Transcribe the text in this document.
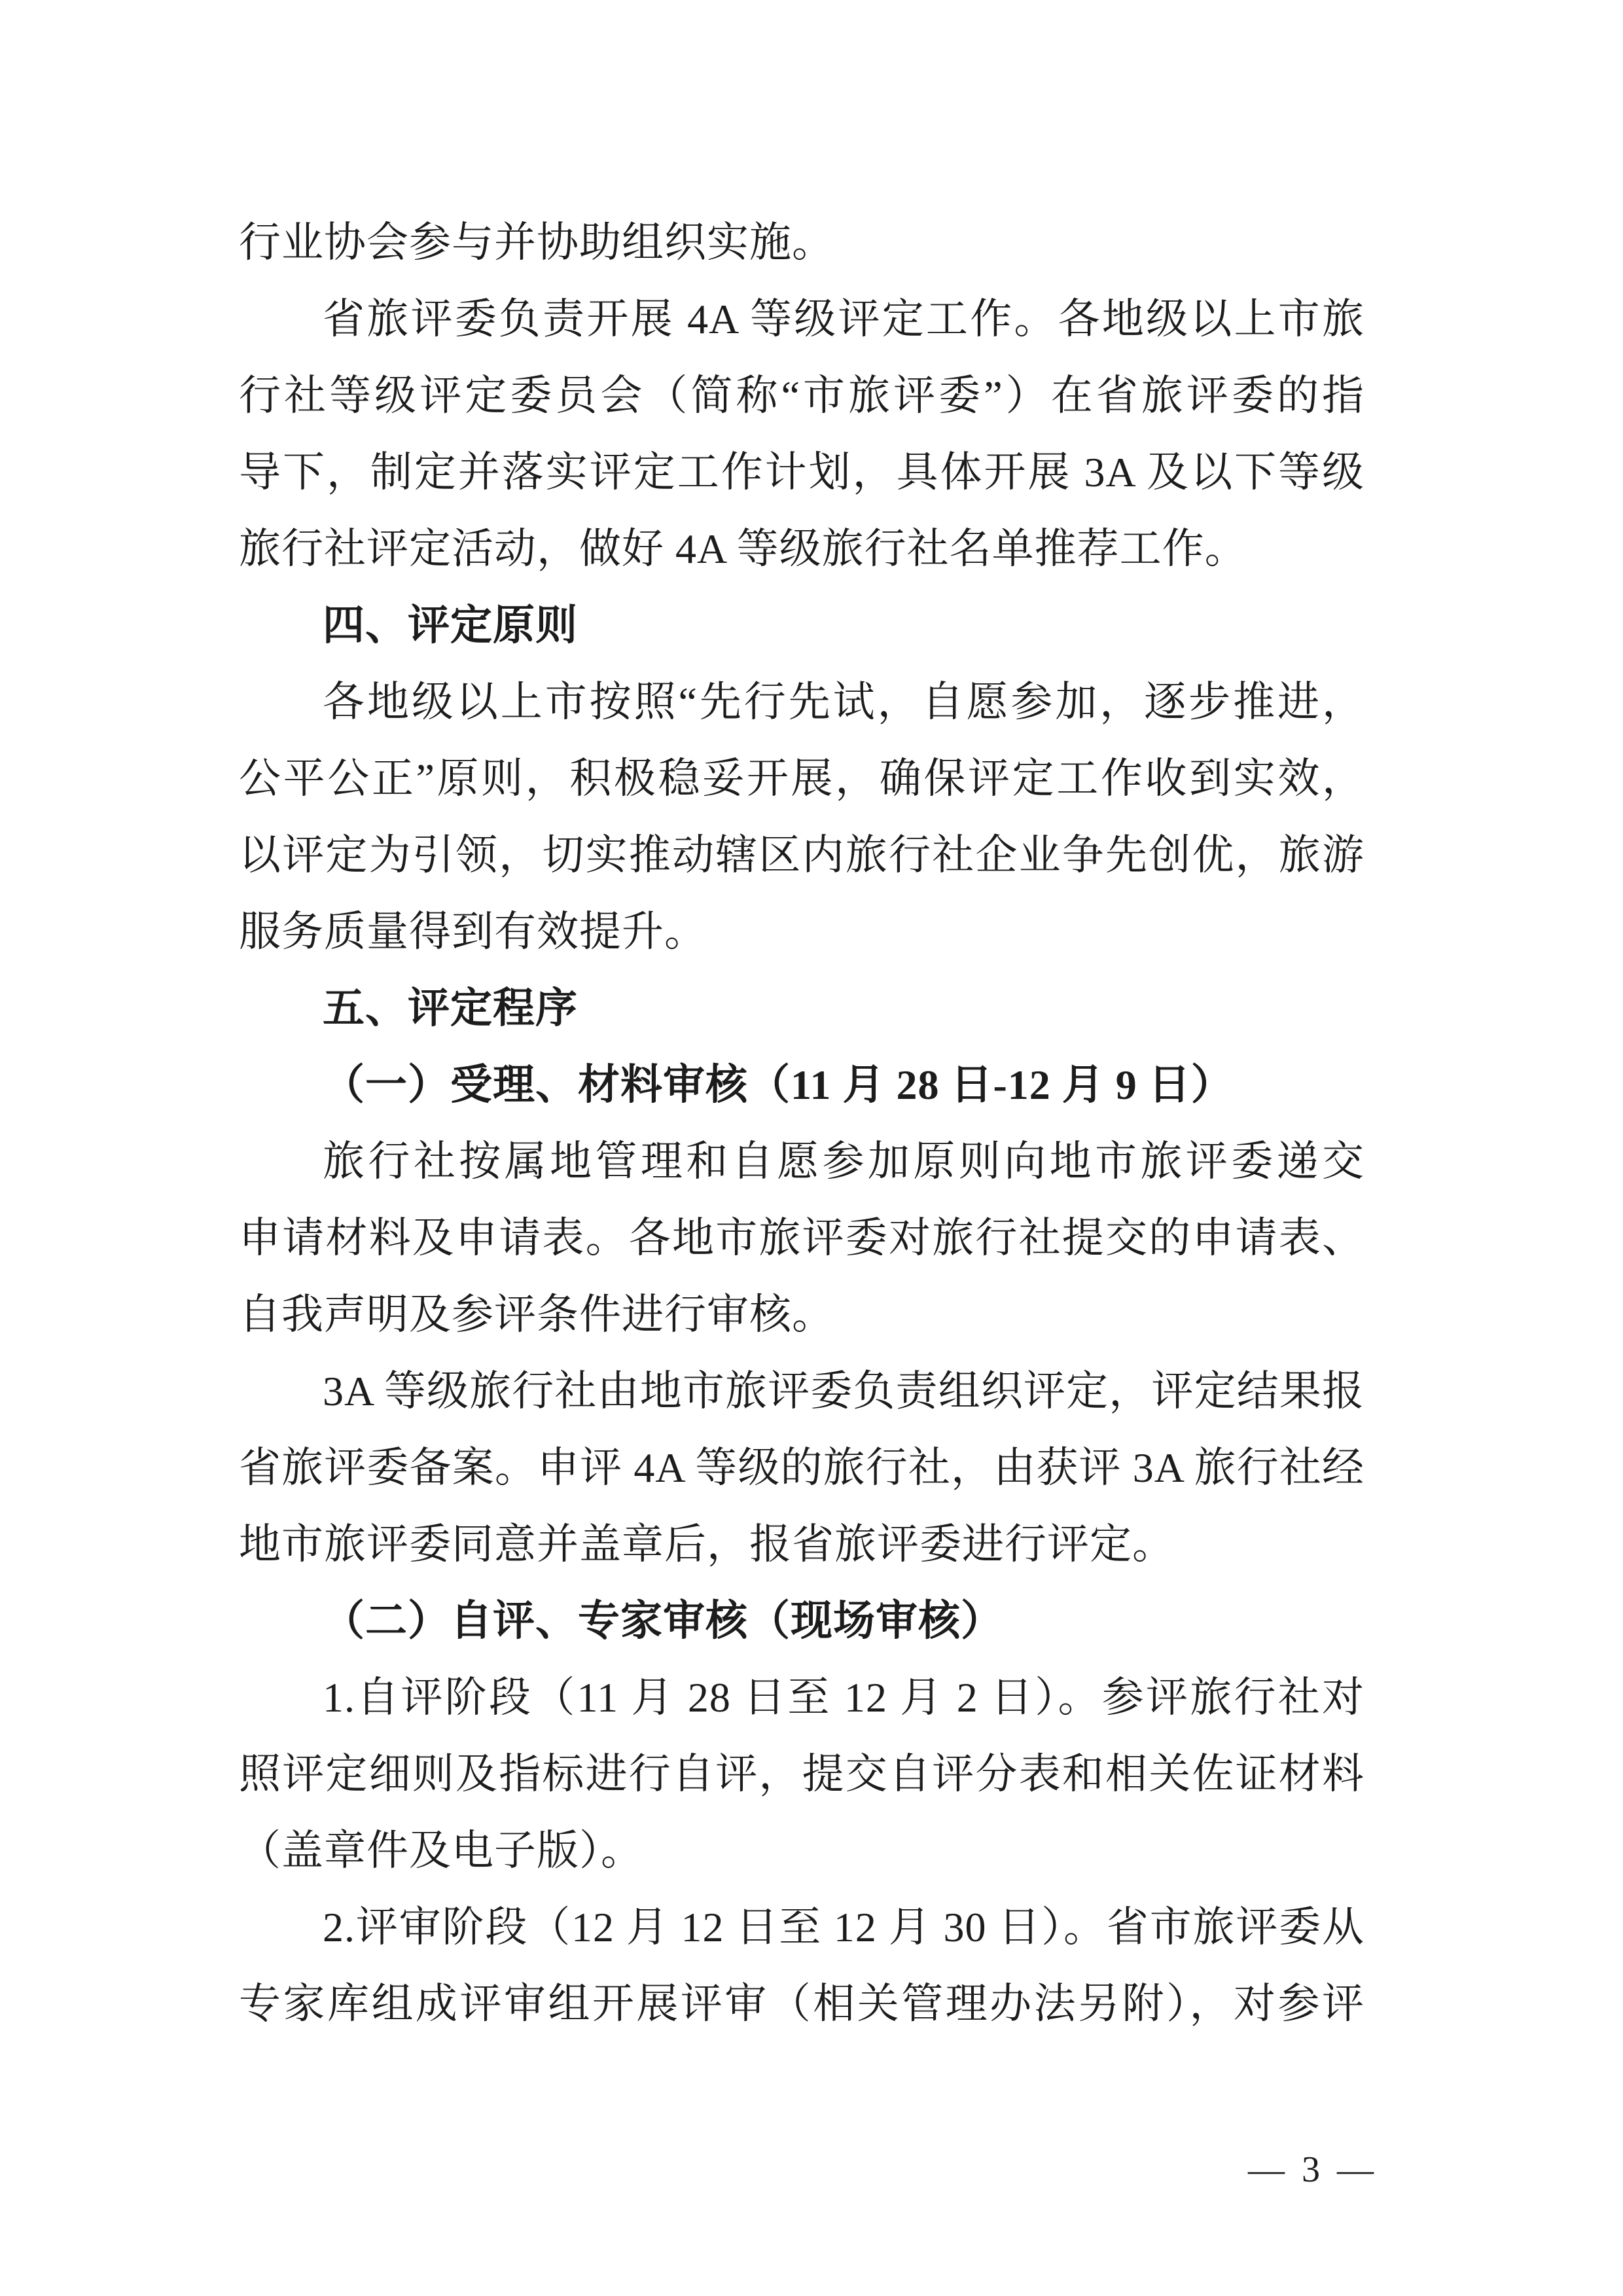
行业协会参与并协助组织实施。
省旅评委负责开展 4A 等级评定工作。各地级以上市旅
行社等级评定委员会（简称“市旅评委”）在省旅评委的指
导下，制定并落实评定工作计划，具体开展 3A 及以下等级
旅行社评定活动，做好 4A 等级旅行社名单推荐工作。
四、评定原则
各地级以上市按照“先行先试，自愿参加，逐步推进，
公平公正”原则，积极稳妥开展，确保评定工作收到实效，
以评定为引领，切实推动辖区内旅行社企业争先创优，旅游
服务质量得到有效提升。
五、评定程序
（一）受理、材料审核（11 月 28 日-12 月 9 日）
旅行社按属地管理和自愿参加原则向地市旅评委递交
申请材料及申请表。各地市旅评委对旅行社提交的申请表、
自我声明及参评条件进行审核。
3A 等级旅行社由地市旅评委负责组织评定，评定结果报
省旅评委备案。申评 4A 等级的旅行社，由获评 3A 旅行社经
地市旅评委同意并盖章后，报省旅评委进行评定。
（二）自评、专家审核（现场审核）
1.自评阶段（11 月 28 日至 12 月 2 日）。参评旅行社对
照评定细则及指标进行自评，提交自评分表和相关佐证材料
（盖章件及电子版）。
2.评审阶段（12 月 12 日至 12 月 30 日）。省市旅评委从
专家库组成评审组开展评审（相关管理办法另附），对参评
— 3 —
